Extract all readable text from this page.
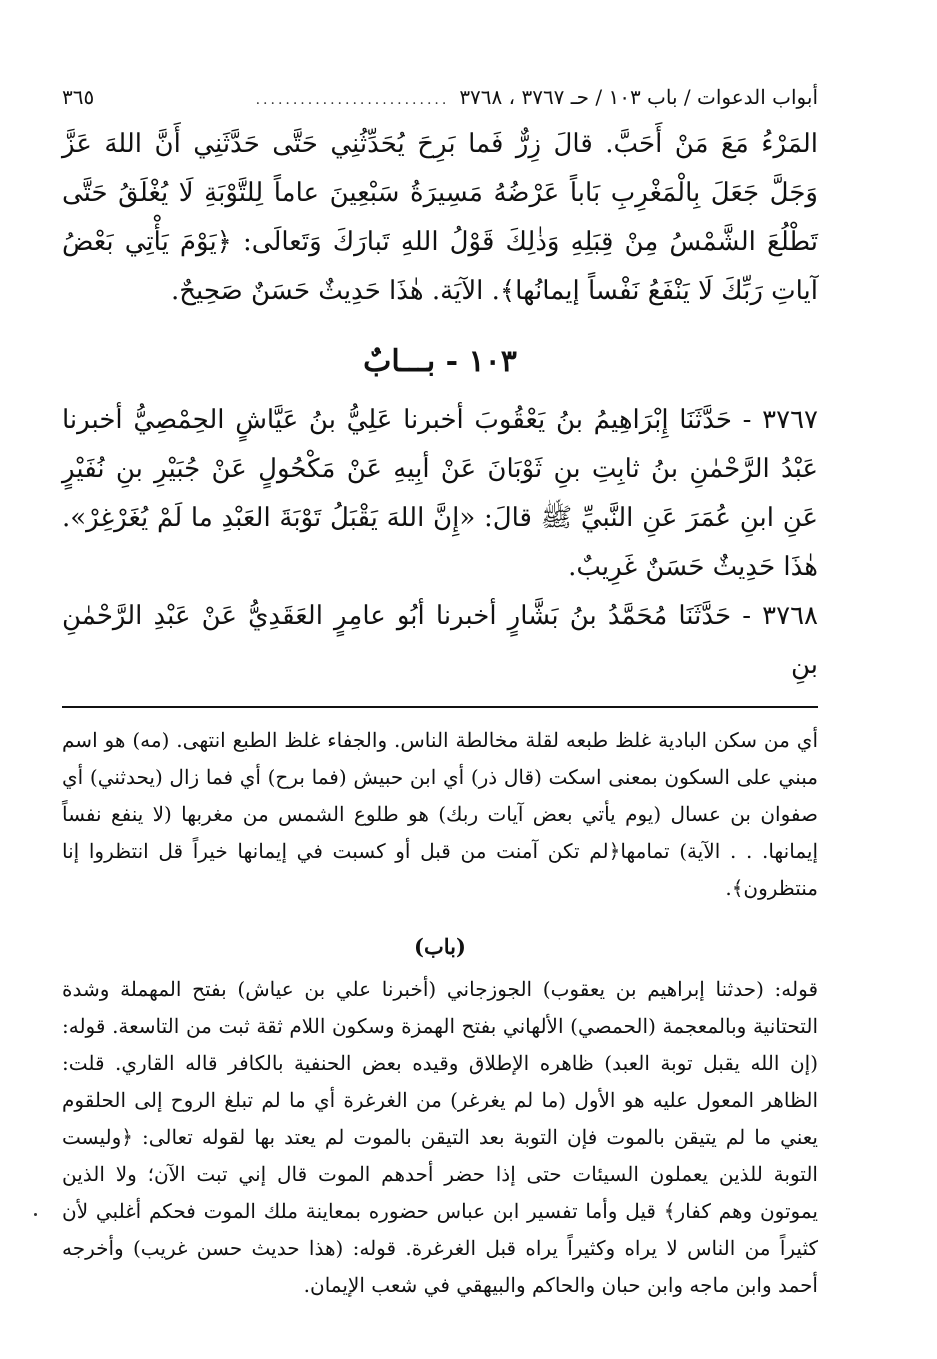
أبواب الدعوات / باب ١٠٣ / حـ ٣٧٦٧ ، ٣٧٦٨
..........................
٣٦٥

المَرْءُ مَعَ مَنْ أَحَبَّ. قالَ زِرٌّ فَما بَرِحَ يُحَدِّثُنِي حَتَّى حَدَّثَنِي أَنَّ اللهَ عَزَّ وَجَلَّ جَعَلَ بِالْمَغْرِبِ بَاباً عَرْضُهُ مَسِيرَةُ سَبْعِينَ عاماً لِلتَّوْبَةِ لَا يُغْلَقُ حَتَّى تَطْلُعَ الشَّمْسُ مِنْ قِبَلِهِ وَذٰلِكَ قَوْلُ اللهِ تَبارَكَ وَتَعالَى: ﴿يَوْمَ يَأْتِي بَعْضُ آياتِ رَبِّكَ لَا يَنْفَعُ نَفْساً إيمانُها﴾. الآيَة. هٰذَا حَدِيثٌ حَسَنٌ صَحِيحٌ.

١٠٣ - بـــابٌ

٣٧٦٧ - حَدَّثَنَا إِبْرَاهِيمُ بنُ يَعْقُوبَ أخبرنا عَلِيُّ بنُ عَيَّاشٍ الحِمْصِيُّ أخبرنا عَبْدُ الرَّحْمٰنِ بنُ ثابِتِ بنِ ثَوْبَانَ عَنْ أبِيهِ عَنْ مَكْحُولٍ عَنْ جُبَيْرِ بنِ نُفَيْرٍ عَنِ ابنِ عُمَرَ عَنِ النَّبيِّ ﷺ قالَ: «إِنَّ اللهَ يَقْبَلُ تَوْبَةَ العَبْدِ ما لَمْ يُغَرْغِرْ». هٰذَا حَدِيثٌ حَسَنٌ غَرِيبٌ.

٣٧٦٨ - حَدَّثَنَا مُحَمَّدُ بنُ بَشَّارٍ أخبرنا أبُو عامِرٍ العَقَدِيُّ عَنْ عَبْدِ الرَّحْمٰنِ بنِ

أي من سكن البادية غلظ طبعه لقلة مخالطة الناس. والجفاء غلظ الطبع انتهى. (مه) هو اسم مبني على السكون بمعنى اسكت (قال ذر) أي ابن حبيش (فما برح) أي فما زال (يحدثني) أي صفوان بن عسال (يوم يأتي بعض آيات ربك) هو طلوع الشمس من مغربها (لا ينفع نفساً إيمانها. . . الآية) تمامها﴿لم تكن آمنت من قبل أو كسبت في إيمانها خيراً قل انتظروا إنا منتظرون﴾.

(باب)

قوله: (حدثنا إبراهيم بن يعقوب) الجوزجاني (أخبرنا علي بن عياش) بفتح المهملة وشدة التحتانية وبالمعجمة (الحمصي) الألهاني بفتح الهمزة وسكون اللام ثقة ثبت من التاسعة. قوله: (إن الله يقبل توبة العبد) ظاهره الإطلاق وقيده بعض الحنفية بالكافر قاله القاري. قلت: الظاهر المعول عليه هو الأول (ما لم يغرغر) من الغرغرة أي ما لم تبلغ الروح إلى الحلقوم يعني ما لم يتيقن بالموت فإن التوبة بعد التيقن بالموت لم يعتد بها لقوله تعالى: ﴿وليست التوبة للذين يعملون السيئات حتى إذا حضر أحدهم الموت قال إني تبت الآن؛ ولا الذين يموتون وهم كفار﴾ قيل وأما تفسير ابن عباس حضوره بمعاينة ملك الموت فحكم أغلبي لأن كثيراً من الناس لا يراه وكثيراً يراه قبل الغرغرة. قوله: (هذا حديث حسن غريب) وأخرجه أحمد وابن ماجه وابن حبان والحاكم والبيهقي في شعب الإيمان.
